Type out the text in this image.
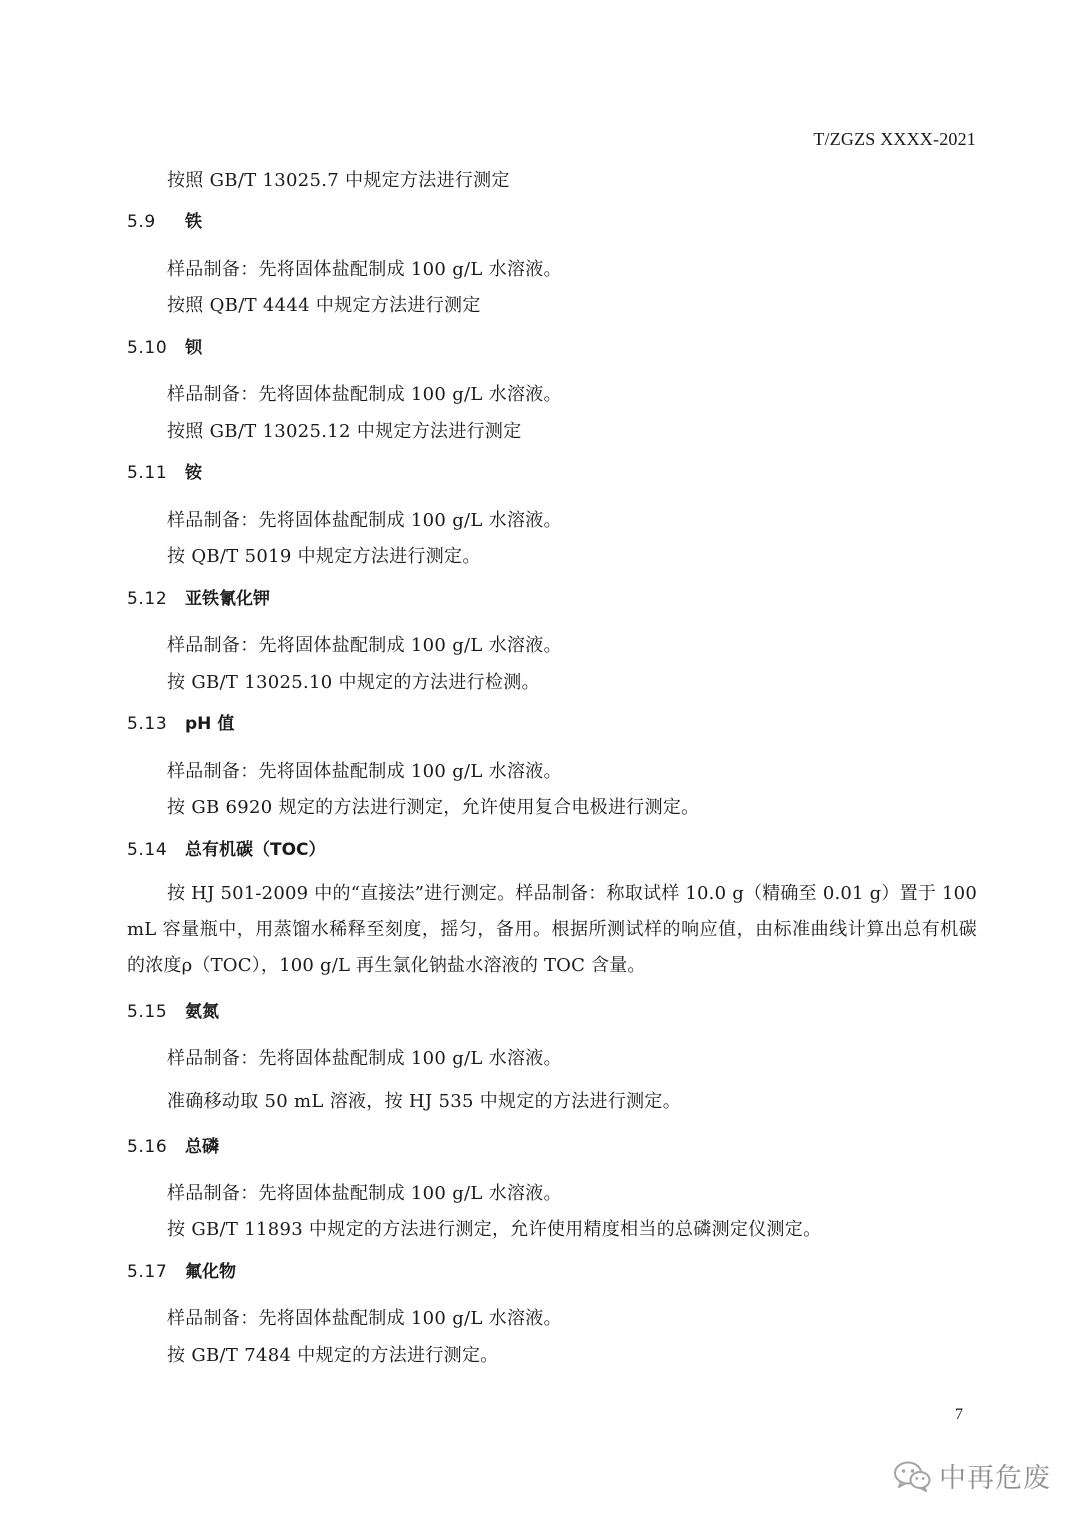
T/ZGZS XXXX-2021
按照 GB/T 13025.7 中规定方法进行测定
5.9 铁
样品制备：先将固体盐配制成 100 g/L 水溶液。
按照 QB/T 4444 中规定方法进行测定
5.10 钡
样品制备：先将固体盐配制成 100 g/L 水溶液。
按照 GB/T 13025.12 中规定方法进行测定
5.11 铵
样品制备：先将固体盐配制成 100 g/L 水溶液。
按 QB/T 5019 中规定方法进行测定。
5.12 亚铁氰化钾
样品制备：先将固体盐配制成 100 g/L 水溶液。
按 GB/T 13025.10 中规定的方法进行检测。
5.13 pH 值
样品制备：先将固体盐配制成 100 g/L 水溶液。
按 GB 6920 规定的方法进行测定，允许使用复合电极进行测定。
5.14 总有机碳（TOC）
按 HJ 501-2009 中的“直接法”进行测定。样品制备：称取试样 10.0 g（精确至 0.01 g）置于 100 mL 容量瓶中，用蒸馏水稀释至刻度，摇匀，备用。根据所测试样的响应值，由标准曲线计算出总有机碳的浓度ρ（TOC），100 g/L 再生氯化钠盐水溶液的 TOC 含量。
5.15 氨氮
样品制备：先将固体盐配制成 100 g/L 水溶液。
准确移动取 50 mL 溶液，按 HJ 535 中规定的方法进行测定。
5.16 总磷
样品制备：先将固体盐配制成 100 g/L 水溶液。
按 GB/T 11893 中规定的方法进行测定，允许使用精度相当的总磷测定仪测定。
5.17 氟化物
样品制备：先将固体盐配制成 100 g/L 水溶液。
按 GB/T 7484 中规定的方法进行测定。
7
中再危废
